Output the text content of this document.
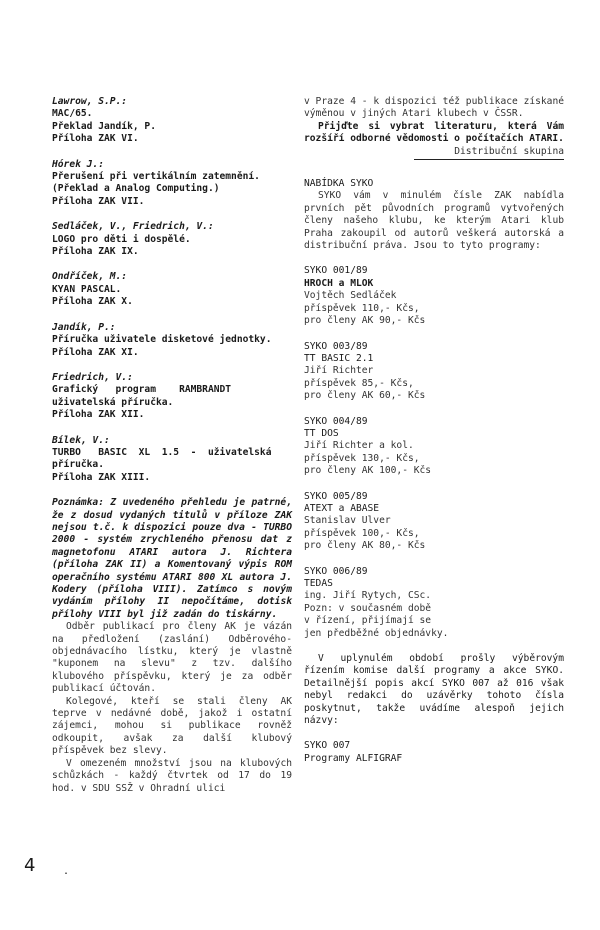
Lawrow, S.P.:
MAC/65.
Překlad Jandík, P.
Příloha ZAK VI.
Hórek J.:
Přerušení při vertikálním zatemnění.
(Překlad a Analog Computing.)
Příloha ZAK VII.
Sedláček, V., Friedrich, V.:
LOGO pro děti i dospělé.
Příloha ZAK IX.
Ondříček, M.:
KYAN PASCAL.
Příloha ZAK X.
Jandík, P.:
Příručka uživatele disketové jednotky.
Příloha ZAK XI.
Friedrich, V.:
Grafický   program    RAMBRANDT
uživatelská příručka.
Příloha ZAK XII.
Bílek, V.:
TURBO   BASIC  XL  1.5  -  uživatelská
příručka.
Příloha ZAK XIII.
Poznámka: Z uvedeného přehledu je patrné, že z dosud vydaných titulů v příloze ZAK nejsou t.č. k dispozici pouze dva - TURBO 2000 - systém zrychleného přenosu dat z magnetofonu ATARI autora J. Richtera (příloha ZAK II) a Komentovaný výpis ROM operačního systému ATARI 800 XL autora J. Kodery (příloha VIII). Zatímco s novým vydáním přílohy II nepočítáme, dotisk přílohy VIII byl již zadán do tiskárny.
Odběr publikací pro členy AK je vázán na předložení (zaslání) Odběrového-objednávacího lístku, který je vlastně "kuponem na slevu" z tzv. dalšího klubového příspěvku, který je za odběr publikací účtován.
Kolegové, kteří se stali členy AK teprve v nedávné době, jakož i ostatní zájemci, mohou si publikace rovněž odkoupit, avšak za další klubový příspěvek bez slevy.
V omezeném množství jsou na klubových schůzkách - každý čtvrtek od 17 do 19 hod. v SDU SSŽ v Ohradní ulici
v Praze 4 - k dispozici též publikace získané výměnou v jiných Atari klubech v ČSSR.
Přijďte si vybrat literaturu, která Vám rozšíří odborné vědomosti o počítačích ATARI.
Distribuční skupina
NABÍDKA SYKO
SYKO vám v minulém čísle ZAK nabídla prvních pět původních programů vytvořených členy našeho klubu, ke kterým Atari klub Praha zakoupil od autorů veškerá autorská a distribuční práva. Jsou to tyto programy:
SYKO 001/89
HROCH a MLOK
Vojtěch Sedláček
příspěvek 110,- Kčs,
pro členy AK 90,- Kčs
SYKO 003/89
TT BASIC 2.1
Jiří Richter
příspěvek 85,- Kčs,
pro členy AK 60,- Kčs
SYKO 004/89
TT DOS
Jiří Richter a kol.
příspěvek 130,- Kčs,
pro členy AK 100,- Kčs
SYKO 005/89
ATEXT a ABASE
Stanislav Ulver
příspěvek 100,- Kčs,
pro členy AK 80,- Kčs
SYKO 006/89
TEDAS
ing. Jiří Rytych, CSc.
Pozn: v současném době
v řízení, přijímají se
jen předběžné objednávky.
V uplynulém období prošly výběrovým řízením komise další programy a akce SYKO. Detailnější popis akcí SYKO 007 až 016 však nebyl redakci do uzávěrky tohoto čísla poskytnut, takže uvádíme alespoň jejich názvy:
SYKO 007
Programy ALFIGRAF
4	.
